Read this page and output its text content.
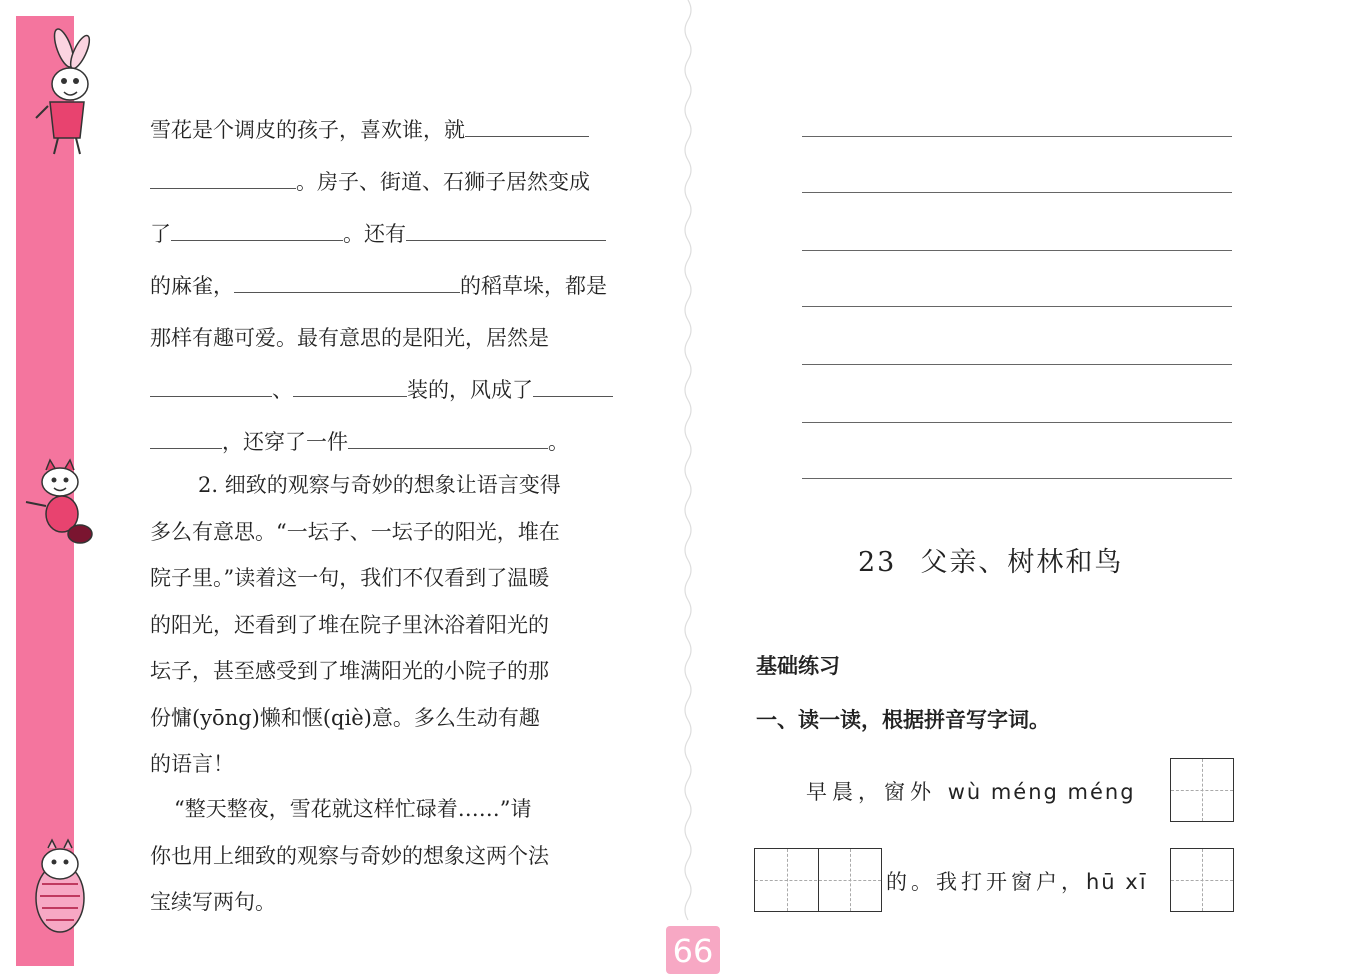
雪花是个调皮的孩子，喜欢谁，就
。房子、街道、石狮子居然变成
了	。还有
的麻雀，	的稻草垛，都是
那样有趣可爱。最有意思的是阳光，居然是
、	装的，风成了
，还穿了一件	。
2. 细致的观察与奇妙的想象让语言变得
多么有意思。“一坛子、一坛子的阳光，堆在
院子里。”读着这一句，我们不仅看到了温暖
的阳光，还看到了堆在院子里沐浴着阳光的
坛子，甚至感受到了堆满阳光的小院子的那
份慵(yōng)懒和惬(qiè)意。多么生动有趣
的语言！
“整天整夜，雪花就这样忙碌着……”请
你也用上细致的观察与奇妙的想象这两个法
宝续写两句。
66
23 父亲、树林和鸟
基础练习
一、读一读，根据拼音写字词。
早晨，窗外 wù méng méng
的。我打开窗户，hū xī
